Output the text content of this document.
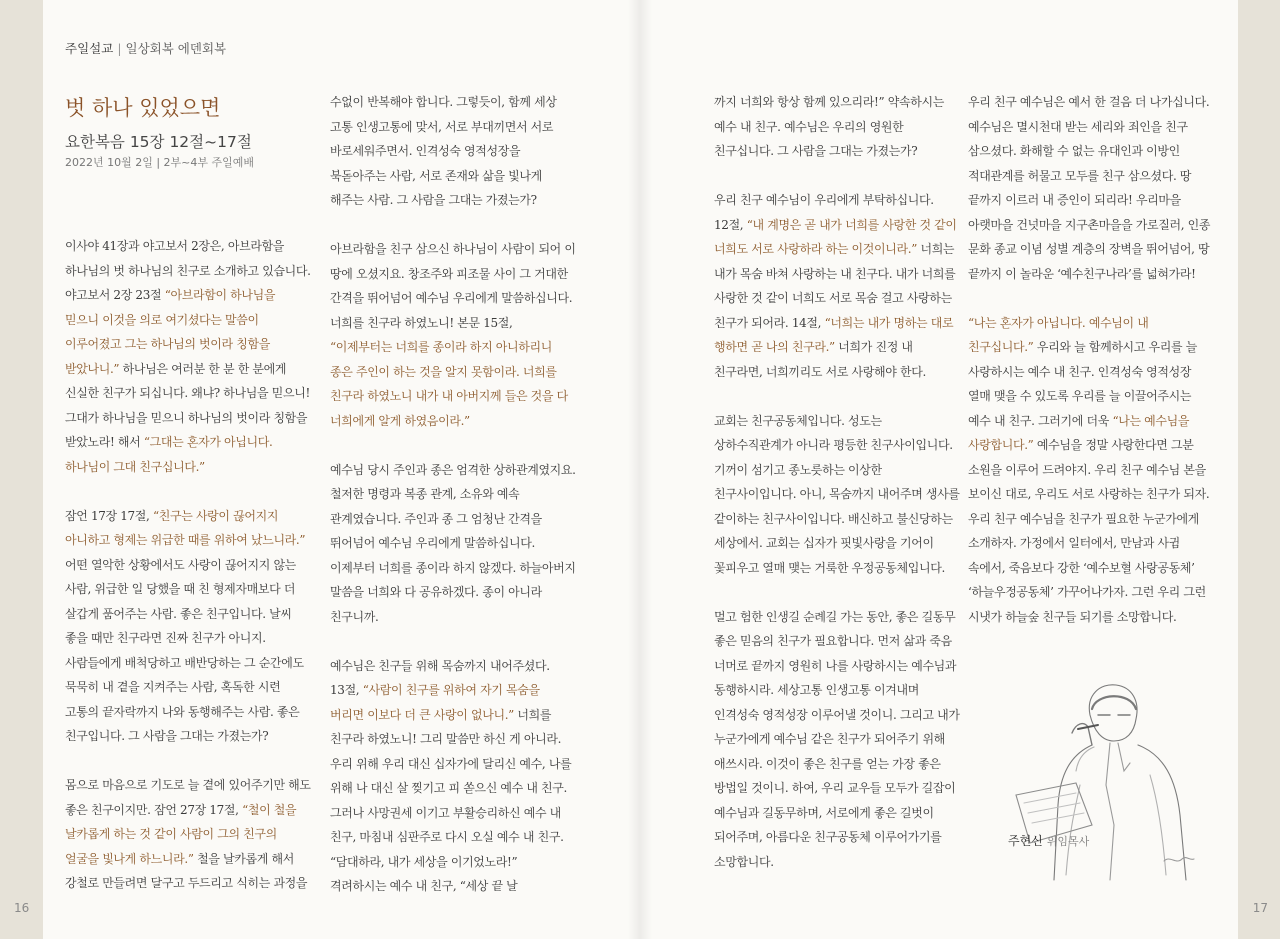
16	17
주일설교 | 일상회복 에덴회복
벗 하나 있었으면
요한복음 15장 12절~17절
2022년 10월 2일 | 2부~4부 주일예배

이사야 41장과 야고보서 2장은, 아브라함을 하나님의 벗 하나님의 친구로 소개하고 있습니다. 야고보서 2장 23절 “아브라함이 하나님을 믿으니 이것을 의로 여기셨다는 말씀이 이루어졌고 그는 하나님의 벗이라 칭함을 받았나니.” 하나님은 여러분 한 분 한 분에게 신실한 친구가 되십니다. 왜냐? 하나님을 믿으니! 그대가 하나님을 믿으니 하나님의 벗이라 칭함을 받았노라! 해서 “그대는 혼자가 아닙니다. 하나님이 그대 친구십니다.”

잠언 17장 17절, “친구는 사랑이 끊어지지 아니하고 형제는 위급한 때를 위하여 났느니라.” 어떤 열악한 상황에서도 사랑이 끊어지지 않는 사람, 위급한 일 당했을 때 친 형제자매보다 더 살갑게 품어주는 사람. 좋은 친구입니다. 날씨 좋을 때만 친구라면 진짜 친구가 아니지. 사람들에게 배척당하고 배반당하는 그 순간에도 묵묵히 내 곁을 지켜주는 사람, 혹독한 시련 고통의 끝자락까지 나와 동행해주는 사람. 좋은 친구입니다. 그 사람을 그대는 가졌는가?

몸으로 마음으로 기도로 늘 곁에 있어주기만 해도 좋은 친구이지만. 잠언 27장 17절, “철이 철을 날카롭게 하는 것 같이 사람이 그의 친구의 얼굴을 빛나게 하느니라.” 철을 날카롭게 해서 강철로 만들려면 달구고 두드리고 식히는 과정을

수없이 반복해야 합니다. 그렇듯이, 함께 세상 고통 인생고통에 맞서, 서로 부대끼면서 서로 바로세워주면서. 인격성숙 영적성장을 북돋아주는 사람, 서로 존재와 삶을 빛나게 해주는 사람. 그 사람을 그대는 가졌는가?

아브라함을 친구 삼으신 하나님이 사람이 되어 이 땅에 오셨지요. 창조주와 피조물 사이 그 거대한 간격을 뛰어넘어 예수님 우리에게 말씀하십니다. 너희를 친구라 하였노니! 본문 15절, “이제부터는 너희를 종이라 하지 아니하리니 종은 주인이 하는 것을 알지 못함이라. 너희를 친구라 하였노니 내가 내 아버지께 들은 것을 다 너희에게 알게 하였음이라.”

예수님 당시 주인과 종은 엄격한 상하관계였지요. 철저한 명령과 복종 관계, 소유와 예속 관계였습니다. 주인과 종 그 엄청난 간격을 뛰어넘어 예수님 우리에게 말씀하십니다. 이제부터 너희를 종이라 하지 않겠다. 하늘아버지 말씀을 너희와 다 공유하겠다. 종이 아니라 친구니까.

예수님은 친구들 위해 목숨까지 내어주셨다. 13절, “사람이 친구를 위하여 자기 목숨을 버리면 이보다 더 큰 사랑이 없나니.” 너희를 친구라 하였노니! 그리 말씀만 하신 게 아니라. 우리 위해 우리 대신 십자가에 달리신 예수, 나를 위해 나 대신 살 찢기고 피 쏟으신 예수 내 친구. 그러나 사망권세 이기고 부활승리하신 예수 내 친구, 마침내 심판주로 다시 오실 예수 내 친구. “담대하라, 내가 세상을 이기었노라!” 격려하시는 예수 내 친구, “세상 끝 날

까지 너희와 항상 함께 있으리라!” 약속하시는 예수 내 친구. 예수님은 우리의 영원한 친구십니다. 그 사람을 그대는 가졌는가?

우리 친구 예수님이 우리에게 부탁하십니다. 12절, “내 계명은 곧 내가 너희를 사랑한 것 같이 너희도 서로 사랑하라 하는 이것이니라.” 너희는 내가 목숨 바쳐 사랑하는 내 친구다. 내가 너희를 사랑한 것 같이 너희도 서로 목숨 걸고 사랑하는 친구가 되어라. 14절, “너희는 내가 명하는 대로 행하면 곧 나의 친구라.” 너희가 진정 내 친구라면, 너희끼리도 서로 사랑해야 한다.

교회는 친구공동체입니다. 성도는 상하수직관계가 아니라 평등한 친구사이입니다. 기꺼이 섬기고 종노릇하는 이상한 친구사이입니다. 아니, 목숨까지 내어주며 생사를 같이하는 친구사이입니다. 배신하고 불신당하는 세상에서. 교회는 십자가 핏빛사랑을 기어이 꽃피우고 열매 맺는 거룩한 우정공동체입니다.

멀고 험한 인생길 순례길 가는 동안, 좋은 길동무 좋은 믿음의 친구가 필요합니다. 먼저 삶과 죽음 너머로 끝까지 영원히 나를 사랑하시는 예수님과 동행하시라. 세상고통 인생고통 이겨내며 인격성숙 영적성장 이루어낼 것이니. 그리고 내가 누군가에게 예수님 같은 친구가 되어주기 위해 애쓰시라. 이것이 좋은 친구를 얻는 가장 좋은 방법일 것이니. 하여, 우리 교우들 모두가 길잡이 예수님과 길동무하며, 서로에게 좋은 길벗이 되어주며, 아름다운 친구공동체 이루어가기를 소망합니다.

우리 친구 예수님은 예서 한 걸음 더 나가십니다. 예수님은 멸시천대 받는 세리와 죄인을 친구 삼으셨다. 화해할 수 없는 유대인과 이방인 적대관계를 허물고 모두를 친구 삼으셨다. 땅 끝까지 이르러 내 증인이 되리라! 우리마을 아랫마을 건넛마을 지구촌마을을 가로질러, 인종 문화 종교 이념 성별 계층의 장벽을 뛰어넘어, 땅 끝까지 이 놀라운 ‘예수친구나라’를 넓혀가라!

“나는 혼자가 아닙니다. 예수님이 내 친구십니다.” 우리와 늘 함께하시고 우리를 늘 사랑하시는 예수 내 친구. 인격성숙 영적성장 열매 맺을 수 있도록 우리를 늘 이끌어주시는 예수 내 친구. 그러기에 더욱 “나는 예수님을 사랑합니다.” 예수님을 정말 사랑한다면 그분 소원을 이루어 드려야지. 우리 친구 예수님 본을 보이신 대로, 우리도 서로 사랑하는 친구가 되자. 우리 친구 예수님을 친구가 필요한 누군가에게 소개하자. 가정에서 일터에서, 만남과 사귐 속에서, 죽음보다 강한 ‘예수보혈 사랑공동체’ ‘하늘우정공동체’ 가꾸어나가자. 그런 우리 그런 시냇가 하늘숲 친구들 되기를 소망합니다.

주현신 위임목사
